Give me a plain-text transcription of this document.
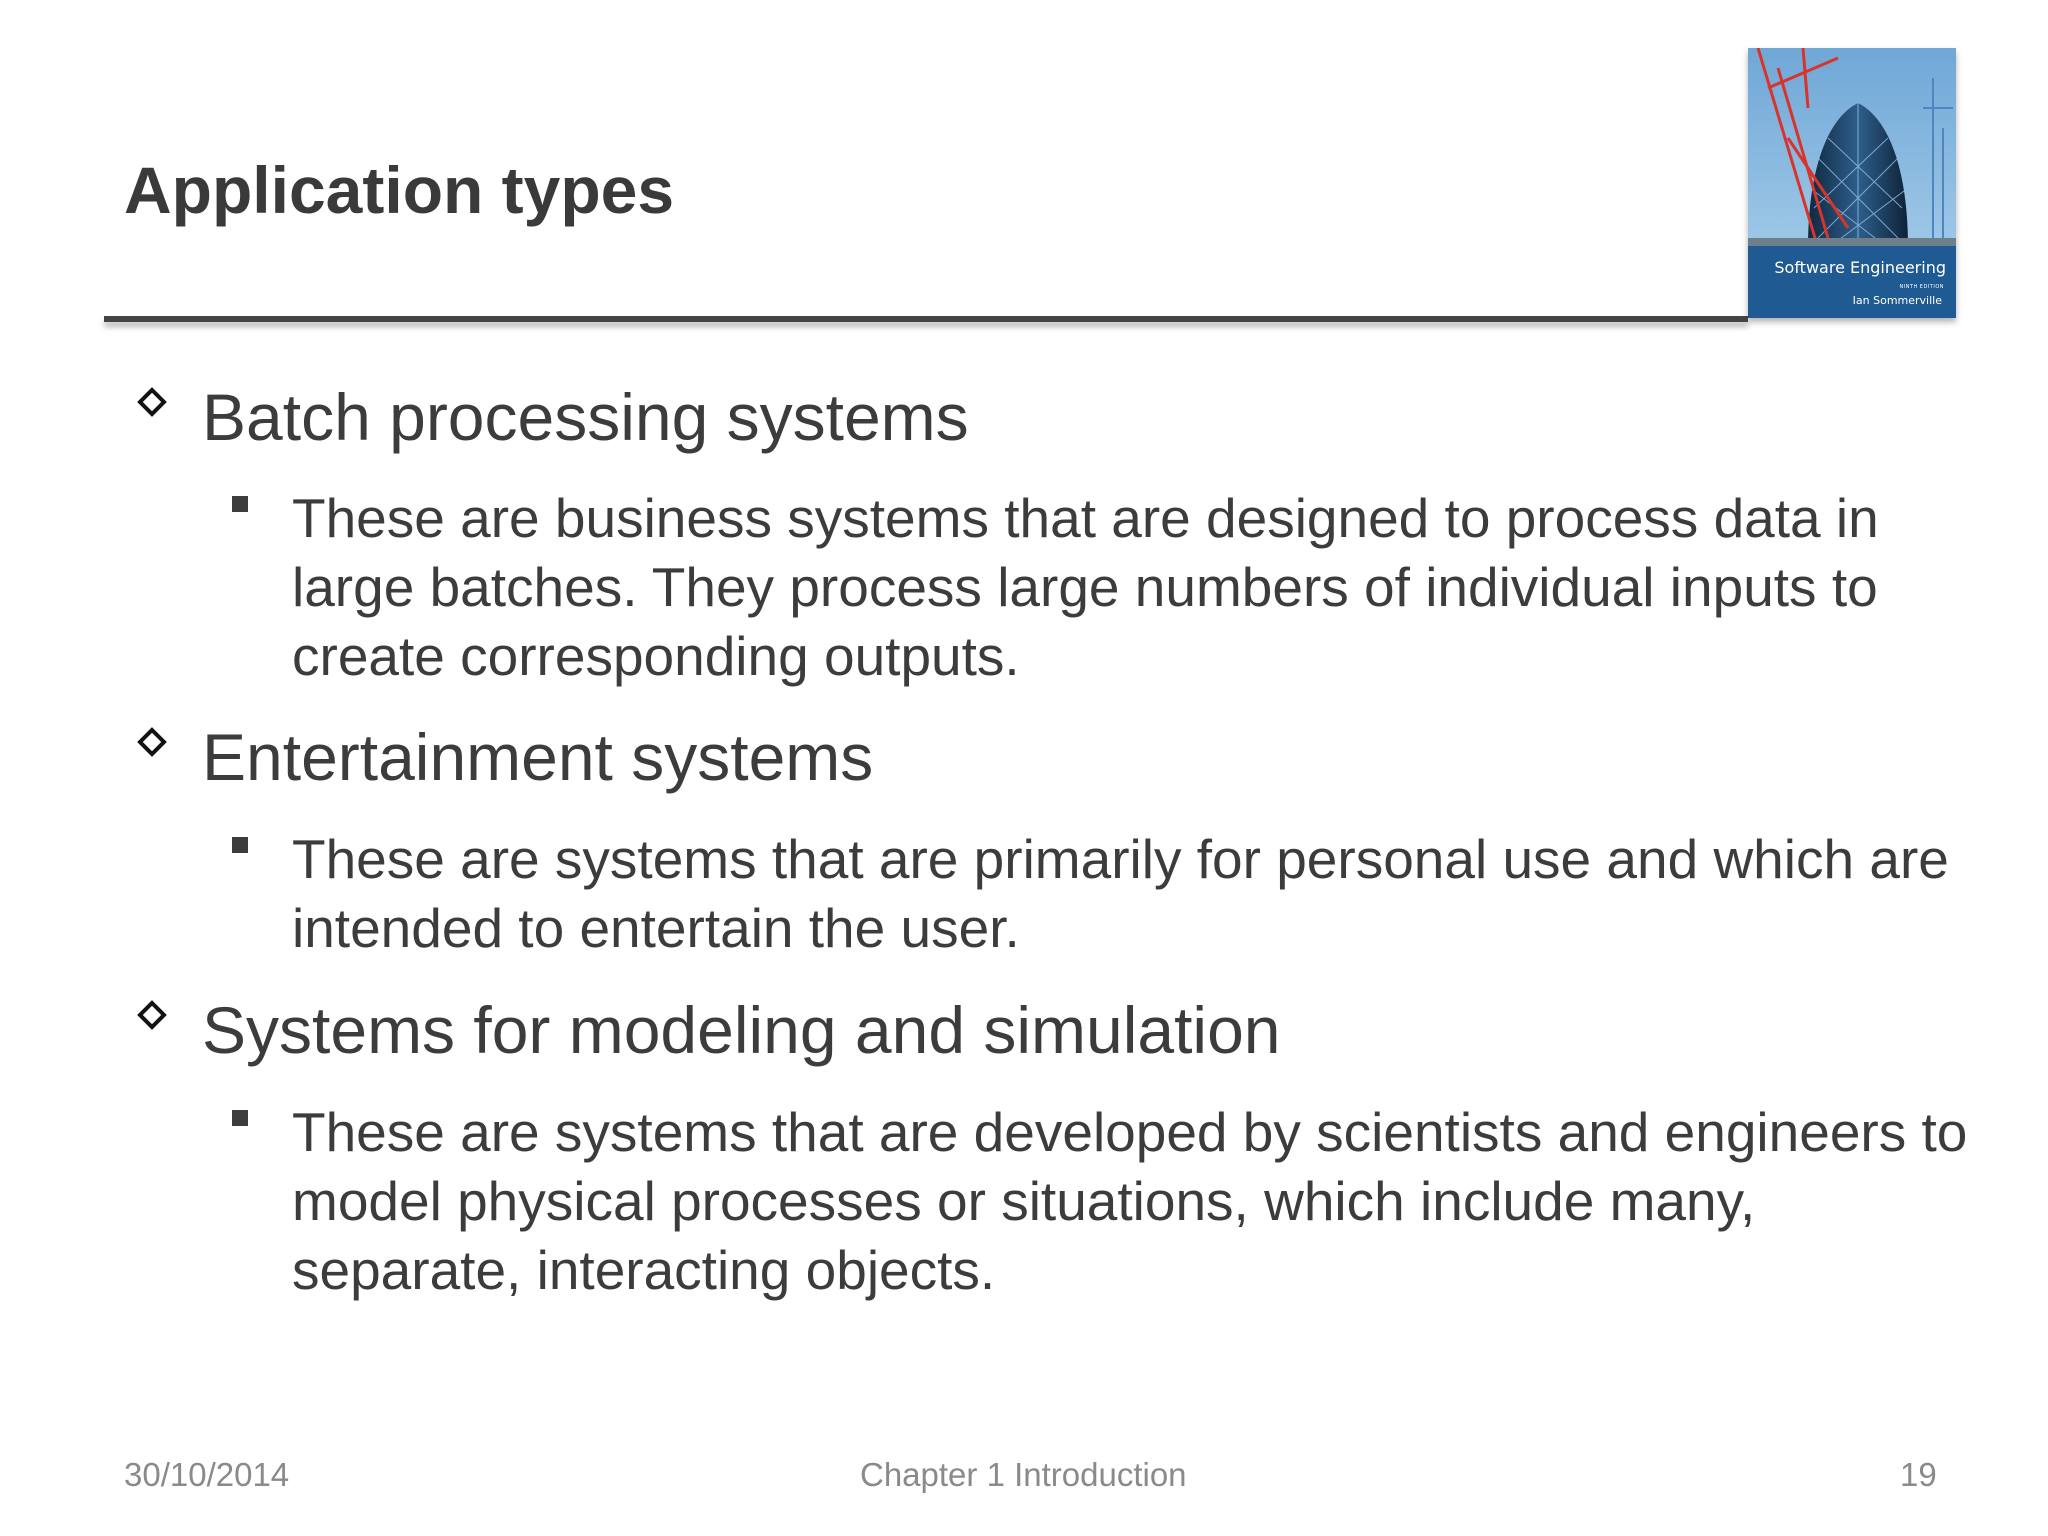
Application types
Software Engineering
NINTH EDITION
Ian Sommerville
Batch processing systems
These are business systems that are designed to process data in large batches. They process large numbers of individual inputs to create corresponding outputs.
Entertainment systems
These are systems that are primarily for personal use and which are intended to entertain the user.
Systems for modeling and simulation
These are systems that are developed by scientists and engineers to model physical processes or situations, which include many, separate, interacting objects.
30/10/2014	Chapter 1 Introduction	19
